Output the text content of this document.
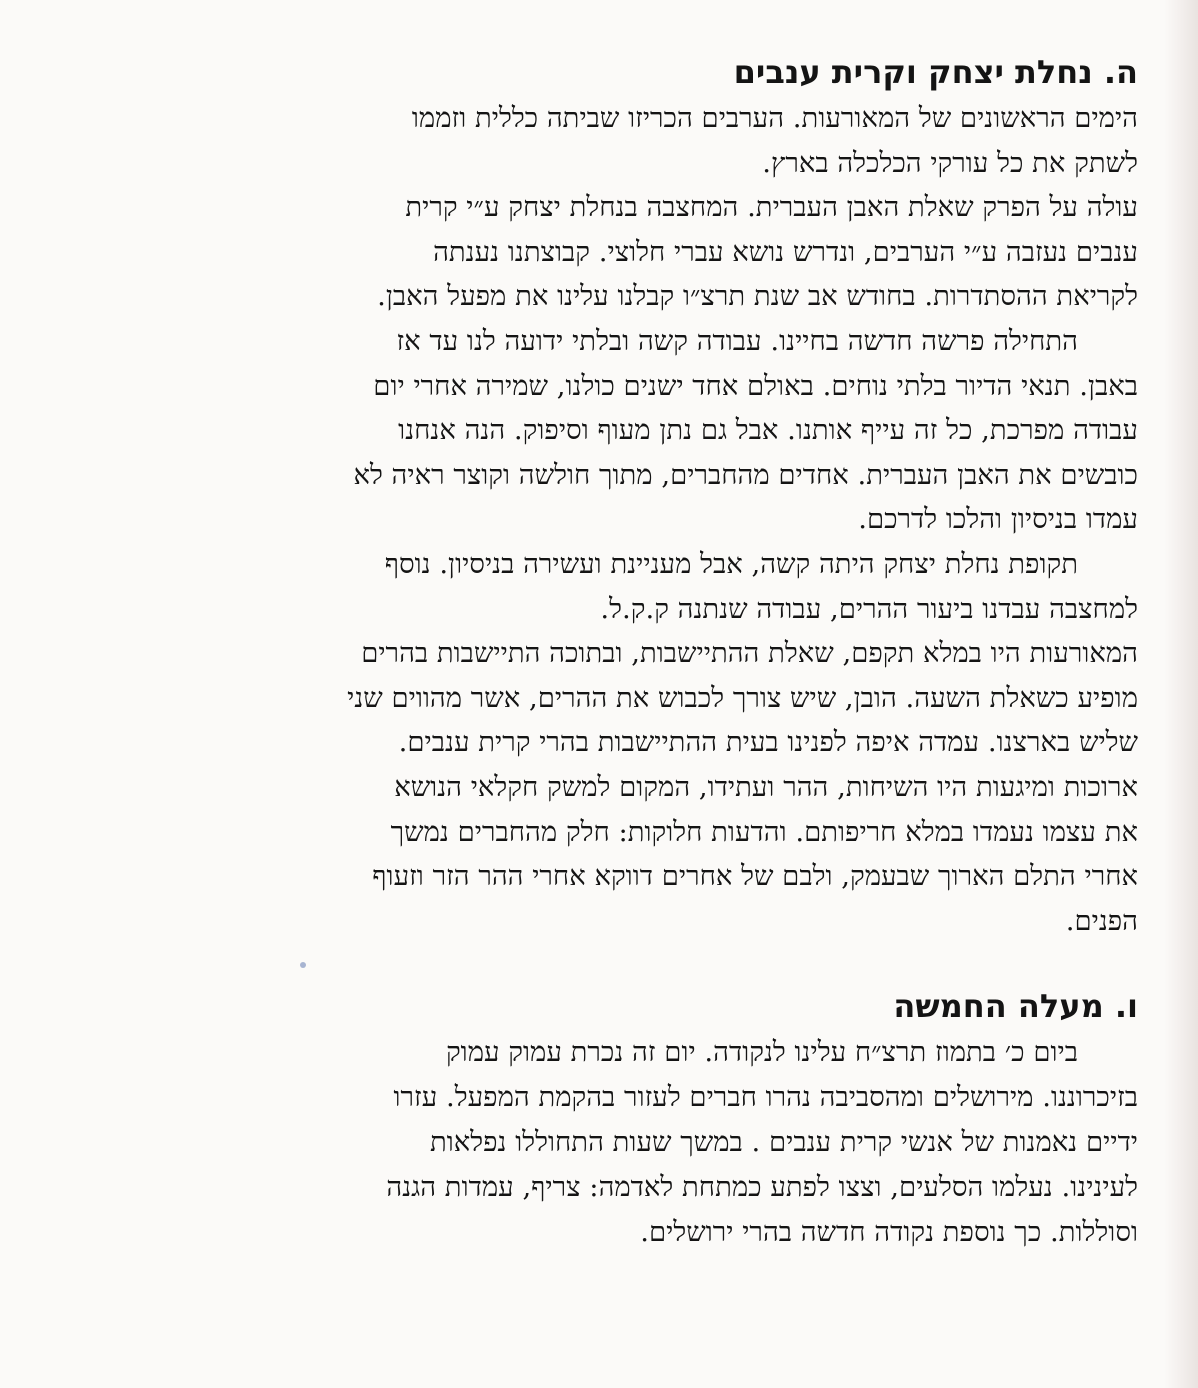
ה. נחלת יצחק וקרית ענבים
הימים הראשונים של המאורעות. הערבים הכריזו שביתה כללית וזממו
לשתק את כל עורקי הכלכלה בארץ.
עולה על הפרק שאלת האבן העברית. המחצבה בנחלת יצחק ע״י קרית
ענבים נעזבה ע״י הערבים, ונדרש נושא עברי חלוצי. קבוצתנו נענתה
לקריאת ההסתדרות. בחודש אב שנת תרצ״ו קבלנו עלינו את מפעל האבן.
התחילה פרשה חדשה בחיינו. עבודה קשה ובלתי ידועה לנו עד אז
באבן. תנאי הדיור בלתי נוחים. באולם אחד ישנים כולנו, שמירה אחרי יום
עבודה מפרכת, כל זה עייף אותנו. אבל גם נתן מעוף וסיפוק. הנה אנחנו
כובשים את האבן העברית. אחדים מהחברים, מתוך חולשה וקוצר ראיה לא
עמדו בניסיון והלכו לדרכם.
תקופת נחלת יצחק היתה קשה, אבל מעניינת ועשירה בניסיון. נוסף
למחצבה עבדנו ביעור ההרים, עבודה שנתנה ק.ק.ל.
המאורעות היו במלא תקפם, שאלת ההתיישבות, ובתוכה התיישבות בהרים
מופיע כשאלת השעה. הובן, שיש צורך לכבוש את ההרים, אשר מהווים שני
שליש בארצנו. עמדה איפה לפנינו בעית ההתיישבות בהרי קרית ענבים.
ארוכות ומיגעות היו השיחות, ההר ועתידו, המקום למשק חקלאי הנושא
את עצמו נעמדו במלא חריפותם. והדעות חלוקות: חלק מהחברים נמשך
אחרי התלם הארוך שבעמק, ולבם של אחרים דווקא אחרי ההר הזר וזעוף
הפנים.
ו. מעלה החמשה
ביום כ׳ בתמוז תרצ״ח עלינו לנקודה. יום זה נכרת עמוק עמוק
בזיכרוננו. מירושלים ומהסביבה נהרו חברים לעזור בהקמת המפעל. עזרו
ידיים נאמנות של אנשי קרית ענבים . במשך שעות התחוללו נפלאות
לעינינו. נעלמו הסלעים, וצצו לפתע כמתחת לאדמה: צריף, עמדות הגנה
וסוללות. כך נוספת נקודה חדשה בהרי ירושלים.
